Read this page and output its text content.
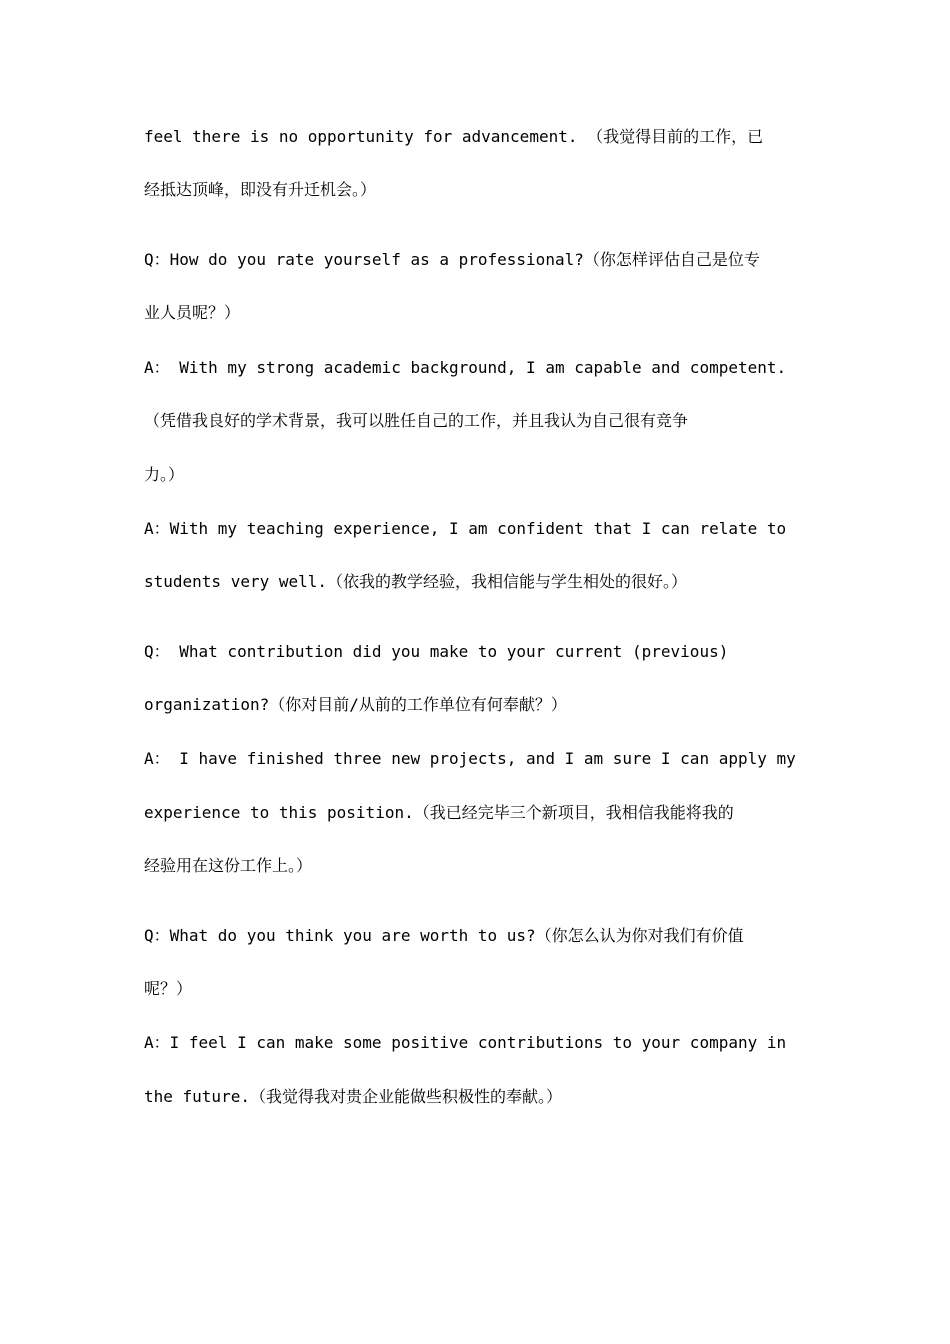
feel there is no opportunity for advancement. （我觉得目前的工作，已
经抵达顶峰，即没有升迁机会。）
Q：How do you rate yourself as a professional?（你怎样评估自己是位专
业人员呢？）
A： With my strong academic background, I am capable and competent.
（凭借我良好的学术背景，我可以胜任自己的工作，并且我认为自己很有竞争
力。）
A：With my teaching experience, I am confident that I can relate to
students very well.（依我的教学经验，我相信能与学生相处的很好。）
Q： What contribution did you make to your current (previous)
organization?（你对目前/从前的工作单位有何奉献？）
A： I have finished three new projects, and I am sure I can apply my
experience to this position.（我已经完毕三个新项目，我相信我能将我的
经验用在这份工作上。）
Q：What do you think you are worth to us?（你怎么认为你对我们有价值
呢？）
A：I feel I can make some positive contributions to your company in
the future.（我觉得我对贵企业能做些积极性的奉献。）
